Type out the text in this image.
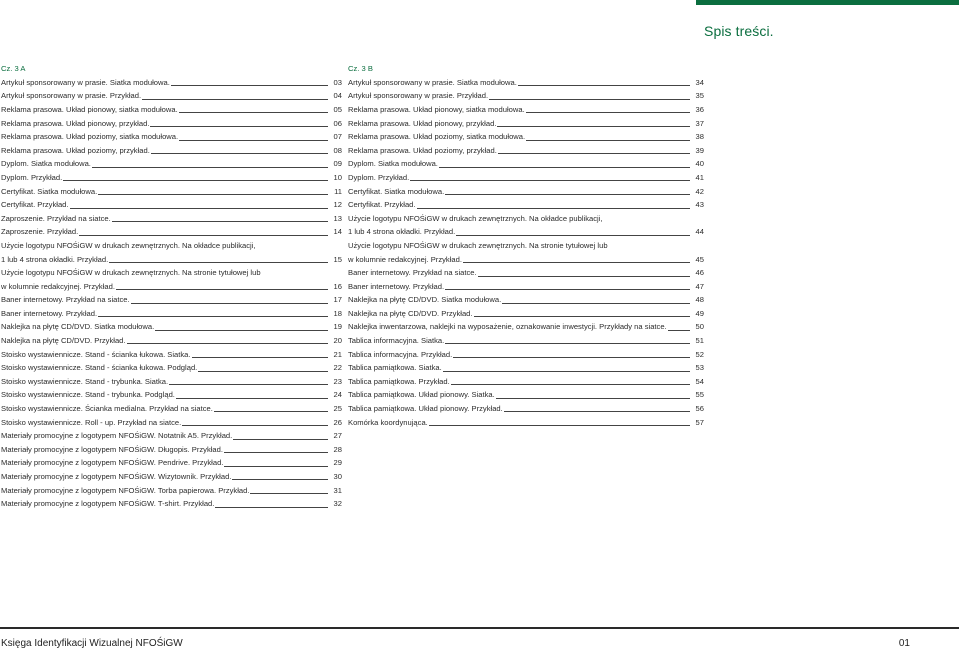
Spis treści.
Cz. 3 A
Artykuł sponsorowany w prasie. Siatka modułowa.	03
Artykuł sponsorowany w prasie. Przykład.	04
Reklama prasowa. Układ pionowy, siatka modułowa.	05
Reklama prasowa. Układ pionowy, przykład.	06
Reklama prasowa. Układ poziomy, siatka modułowa.	07
Reklama prasowa. Układ poziomy, przykład.	08
Dyplom. Siatka modułowa.	09
Dyplom. Przykład.	10
Certyfikat. Siatka modułowa.	11
Certyfikat. Przykład.	12
Zaproszenie. Przykład na siatce.	13
Zaproszenie. Przykład.	14
Użycie logotypu NFOŚiGW w drukach zewnętrznych. Na okładce publikacji,
1 lub 4 strona okładki. Przykład.	15
Użycie logotypu NFOŚiGW w drukach zewnętrznych. Na stronie tytułowej lub
w kolumnie redakcyjnej. Przykład.	16
Baner internetowy. Przykład na siatce.	17
Baner internetowy. Przykład.	18
Naklejka na płytę CD/DVD. Siatka modułowa.	19
Naklejka na płytę CD/DVD. Przykład.	20
Stoisko wystawiennicze. Stand - ścianka łukowa. Siatka.	21
Stoisko wystawiennicze. Stand - ścianka łukowa. Podgląd.	22
Stoisko wystawiennicze. Stand - trybunka. Siatka.	23
Stoisko wystawiennicze. Stand - trybunka. Podgląd.	24
Stoisko wystawiennicze. Ścianka medialna. Przykład na siatce.	25
Stoisko wystawiennicze. Roll - up. Przykład na siatce.	26
Materiały promocyjne z logotypem NFOŚiGW. Notatnik A5. Przykład.	27
Materiały promocyjne z logotypem NFOŚiGW. Długopis. Przykład.	28
Materiały promocyjne z logotypem NFOŚiGW. Pendrive. Przykład.	29
Materiały promocyjne z logotypem NFOŚiGW. Wizytownik. Przykład.	30
Materiały promocyjne z logotypem NFOŚiGW. Torba papierowa. Przykład.	31
Materiały promocyjne z logotypem NFOŚiGW. T-shirt. Przykład.	32
Cz. 3 B
Artykuł sponsorowany w prasie. Siatka modułowa.	34
Artykuł sponsorowany w prasie. Przykład.	35
Reklama prasowa. Układ pionowy, siatka modułowa.	36
Reklama prasowa. Układ pionowy, przykład.	37
Reklama prasowa. Układ poziomy, siatka modułowa.	38
Reklama prasowa. Układ poziomy, przykład.	39
Dyplom. Siatka modułowa.	40
Dyplom. Przykład.	41
Certyfikat. Siatka modułowa.	42
Certyfikat. Przykład.	43
Użycie logotypu NFOŚiGW w drukach zewnętrznych. Na okładce publikacji,
1 lub 4 strona okładki. Przykład.	44
Użycie logotypu NFOŚiGW w drukach zewnętrznych. Na stronie tytułowej lub
w kolumnie redakcyjnej. Przykład.	45
Baner internetowy. Przykład na siatce.	46
Baner internetowy. Przykład.	47
Naklejka na płytę CD/DVD. Siatka modułowa.	48
Naklejka na płytę CD/DVD. Przykład.	49
Naklejka inwentarzowa, naklejki na wyposażenie, oznakowanie inwestycji. Przykłady na siatce.	50
Tablica informacyjna. Siatka.	51
Tablica informacyjna. Przykład.	52
Tablica pamiątkowa. Siatka.	53
Tablica pamiątkowa. Przykład.	54
Tablica pamiątkowa. Układ pionowy. Siatka.	55
Tablica pamiątkowa. Układ pionowy. Przykład.	56
Komórka koordynująca.	57
Księga Identyfikacji Wizualnej NFOŚiGW	01
